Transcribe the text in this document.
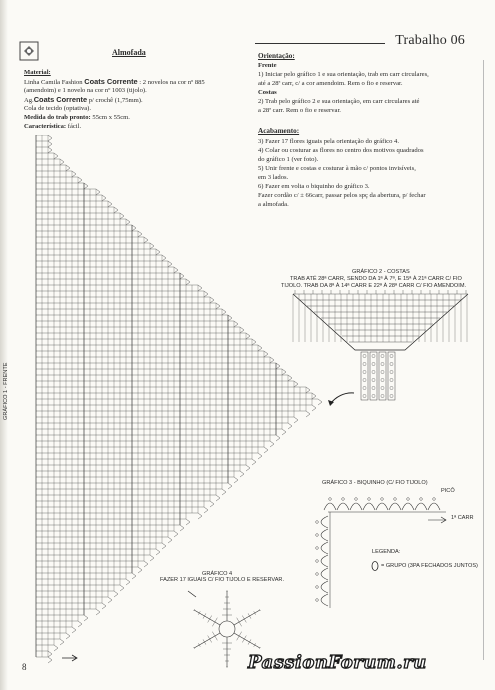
Trabalho 06
Almofada
Material:
Linha Camila Fashion Coats Corrente : 2 novelos na cor nº 885
(amendoim) e 1 novelo na cor nº 1003 (tijolo).
Ag.Coats Corrente p/ crochê (1,75mm).
Cola de tecido (optativa).
Medida do trab pronto: 55cm x 55cm.
Característica: fácil.
Orientação:
Frente
1) Iniciar pelo gráfico 1 e sua orientação, trab em carr circulares,
até a 28ª carr, c/ a cor amendoim. Rem o fio e reservar.
Costas
2) Trab pelo gráfico 2 e sua orientação, em carr circulares até
a 28ª carr. Rem o fio e reservar.
Acabamento:
3) Fazer 17 flores iguais pela orientação do gráfico 4.
4) Colar ou costurar as flores no centro dos motivos quadrados
do gráfico 1 (ver foto).
5) Unir frente e costas e costurar à mão c/ pontos invisíveis,
em 3 lados.
6) Fazer em volta o biquinho do gráfico 3.
Fazer cordão c/ ± 66carr, passar pelos spç da abertura, p/ fechar
a almofada.
GRÁFICO 1 - FRENTE
GRÁFICO 2 - COSTAS
TRAB ATÉ 28ª CARR, SENDO DA 1ª À 7ª, E 15ª À 21ª CARR C/ FIO
TIJOLO. TRAB DA 8ª À 14ª CARR E 22ª À 28ª CARR C/ FIO AMENDOIM.
GRÁFICO 3 - BIQUINHO (C/ FIO TIJOLO)
PICÔ
1ª CARR
LEGENDA:
= GRUPO (3PA FECHADOS JUNTOS)
GRÁFICO 4
FAZER 17 IGUAIS C/ FIO TIJOLO E RESERVAR.
8	PassionForum.ru
